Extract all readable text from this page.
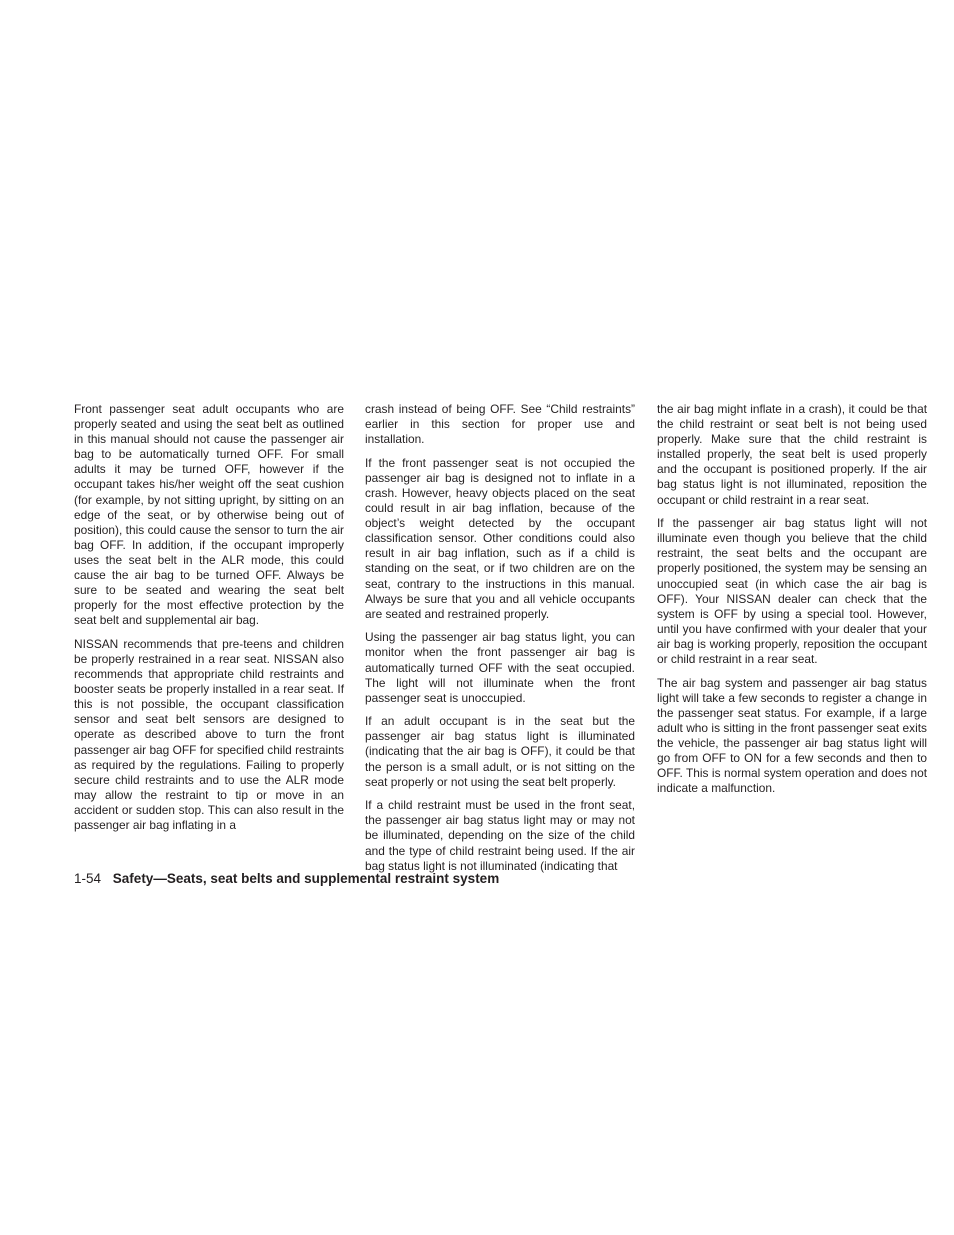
Front passenger seat adult occupants who are properly seated and using the seat belt as outlined in this manual should not cause the passenger air bag to be automatically turned OFF. For small adults it may be turned OFF, however if the occupant takes his/her weight off the seat cushion (for example, by not sitting upright, by sitting on an edge of the seat, or by otherwise being out of position), this could cause the sensor to turn the air bag OFF. In addition, if the occupant improperly uses the seat belt in the ALR mode, this could cause the air bag to be turned OFF. Always be sure to be seated and wearing the seat belt properly for the most effective protection by the seat belt and supplemental air bag.

NISSAN recommends that pre-teens and children be properly restrained in a rear seat. NISSAN also recommends that appropriate child restraints and booster seats be properly installed in a rear seat. If this is not possible, the occupant classification sensor and seat belt sensors are designed to operate as described above to turn the front passenger air bag OFF for specified child restraints as required by the regulations. Failing to properly secure child restraints and to use the ALR mode may allow the restraint to tip or move in an accident or sudden stop. This can also result in the passenger air bag inflating in a

crash instead of being OFF. See “Child restraints” earlier in this section for proper use and installation.

If the front passenger seat is not occupied the passenger air bag is designed not to inflate in a crash. However, heavy objects placed on the seat could result in air bag inflation, because of the object’s weight detected by the occupant classification sensor. Other conditions could also result in air bag inflation, such as if a child is standing on the seat, or if two children are on the seat, contrary to the instructions in this manual. Always be sure that you and all vehicle occupants are seated and restrained properly.

Using the passenger air bag status light, you can monitor when the front passenger air bag is automatically turned OFF with the seat occupied. The light will not illuminate when the front passenger seat is unoccupied.

If an adult occupant is in the seat but the passenger air bag status light is illuminated (indicating that the air bag is OFF), it could be that the person is a small adult, or is not sitting on the seat properly or not using the seat belt properly.

If a child restraint must be used in the front seat, the passenger air bag status light may or may not be illuminated, depending on the size of the child and the type of child restraint being used. If the air bag status light is not illuminated (indicating that

the air bag might inflate in a crash), it could be that the child restraint or seat belt is not being used properly. Make sure that the child restraint is installed properly, the seat belt is used properly and the occupant is positioned properly. If the air bag status light is not illuminated, reposition the occupant or child restraint in a rear seat.

If the passenger air bag status light will not illuminate even though you believe that the child restraint, the seat belts and the occupant are properly positioned, the system may be sensing an unoccupied seat (in which case the air bag is OFF). Your NISSAN dealer can check that the system is OFF by using a special tool. However, until you have confirmed with your dealer that your air bag is working properly, reposition the occupant or child restraint in a rear seat.

The air bag system and passenger air bag status light will take a few seconds to register a change in the passenger seat status. For example, if a large adult who is sitting in the front passenger seat exits the vehicle, the passenger air bag status light will go from OFF to ON for a few seconds and then to OFF. This is normal system operation and does not indicate a malfunction.

1-54 Safety—Seats, seat belts and supplemental restraint system
